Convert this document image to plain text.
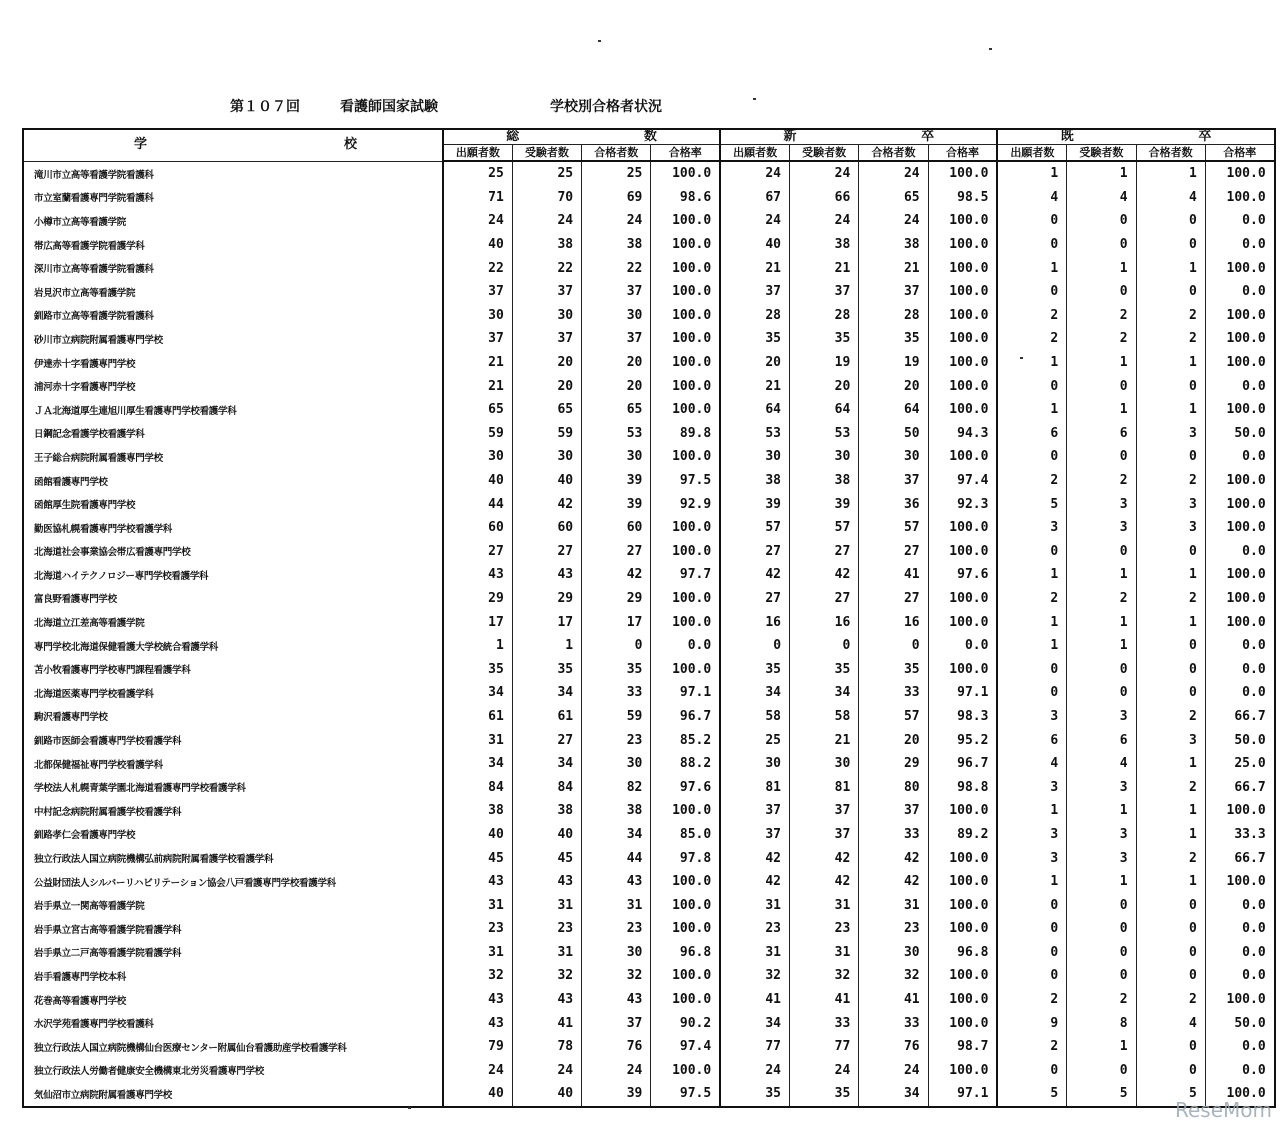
第１０７回	看護師国家試験	学校別合格者状況
学 校	総 数				新 卒				既 卒			

	出願者数	受験者数	合格者数	合格率	出願者数	受験者数	合格者数	合格率	出願者数	受験者数	合格者数	合格率
滝川市立高等看護学院看護科	25	25	25	100.0	24	24	24	100.0	1	1	1	100.0
市立室蘭看護専門学院看護科	71	70	69	98.6	67	66	65	98.5	4	4	4	100.0
小樽市立高等看護学院	24	24	24	100.0	24	24	24	100.0	0	0	0	0.0
帯広高等看護学院看護学科	40	38	38	100.0	40	38	38	100.0	0	0	0	0.0
深川市立高等看護学院看護科	22	22	22	100.0	21	21	21	100.0	1	1	1	100.0
岩見沢市立高等看護学院	37	37	37	100.0	37	37	37	100.0	0	0	0	0.0
釧路市立高等看護学院看護科	30	30	30	100.0	28	28	28	100.0	2	2	2	100.0
砂川市立病院附属看護専門学校	37	37	37	100.0	35	35	35	100.0	2	2	2	100.0
伊達赤十字看護専門学校	21	20	20	100.0	20	19	19	100.0	1	1	1	100.0
浦河赤十字看護専門学校	21	20	20	100.0	21	20	20	100.0	0	0	0	0.0
ＪＡ北海道厚生連旭川厚生看護専門学校看護学科	65	65	65	100.0	64	64	64	100.0	1	1	1	100.0
日鋼記念看護学校看護学科	59	59	53	89.8	53	53	50	94.3	6	6	3	50.0
王子総合病院附属看護専門学校	30	30	30	100.0	30	30	30	100.0	0	0	0	0.0
函館看護専門学校	40	40	39	97.5	38	38	37	97.4	2	2	2	100.0
函館厚生院看護専門学校	44	42	39	92.9	39	39	36	92.3	5	3	3	100.0
勤医協札幌看護専門学校看護学科	60	60	60	100.0	57	57	57	100.0	3	3	3	100.0
北海道社会事業協会帯広看護専門学校	27	27	27	100.0	27	27	27	100.0	0	0	0	0.0
北海道ハイテクノロジー専門学校看護学科	43	43	42	97.7	42	42	41	97.6	1	1	1	100.0
富良野看護専門学校	29	29	29	100.0	27	27	27	100.0	2	2	2	100.0
北海道立江差高等看護学院	17	17	17	100.0	16	16	16	100.0	1	1	1	100.0
専門学校北海道保健看護大学校統合看護学科	1	1	0	0.0	0	0	0	0.0	1	1	0	0.0
苫小牧看護専門学校専門課程看護学科	35	35	35	100.0	35	35	35	100.0	0	0	0	0.0
北海道医薬専門学校看護学科	34	34	33	97.1	34	34	33	97.1	0	0	0	0.0
駒沢看護専門学校	61	61	59	96.7	58	58	57	98.3	3	3	2	66.7
釧路市医師会看護専門学校看護学科	31	27	23	85.2	25	21	20	95.2	6	6	3	50.0
北都保健福祉専門学校看護学科	34	34	30	88.2	30	30	29	96.7	4	4	1	25.0
学校法人札幌青葉学園北海道看護専門学校看護学科	84	84	82	97.6	81	81	80	98.8	3	3	2	66.7
中村記念病院附属看護学校看護学科	38	38	38	100.0	37	37	37	100.0	1	1	1	100.0
釧路孝仁会看護専門学校	40	40	34	85.0	37	37	33	89.2	3	3	1	33.3
独立行政法人国立病院機構弘前病院附属看護学校看護学科	45	45	44	97.8	42	42	42	100.0	3	3	2	66.7
公益財団法人シルバーリハビリテーション協会八戸看護専門学校看護学科	43	43	43	100.0	42	42	42	100.0	1	1	1	100.0
岩手県立一関高等看護学院	31	31	31	100.0	31	31	31	100.0	0	0	0	0.0
岩手県立宮古高等看護学院看護学科	23	23	23	100.0	23	23	23	100.0	0	0	0	0.0
岩手県立二戸高等看護学院看護学科	31	31	30	96.8	31	31	30	96.8	0	0	0	0.0
岩手看護専門学校本科	32	32	32	100.0	32	32	32	100.0	0	0	0	0.0
花巻高等看護専門学校	43	43	43	100.0	41	41	41	100.0	2	2	2	100.0
水沢学苑看護専門学校看護科	43	41	37	90.2	34	33	33	100.0	9	8	4	50.0
独立行政法人国立病院機構仙台医療センター附属仙台看護助産学校看護学科	79	78	76	97.4	77	77	76	98.7	2	1	0	0.0
独立行政法人労働者健康安全機構東北労災看護専門学校	24	24	24	100.0	24	24	24	100.0	0	0	0	0.0
気仙沼市立病院附属看護専門学校	40	40	39	97.5	35	35	34	97.1	5	5	5	100.0
ReseMom
